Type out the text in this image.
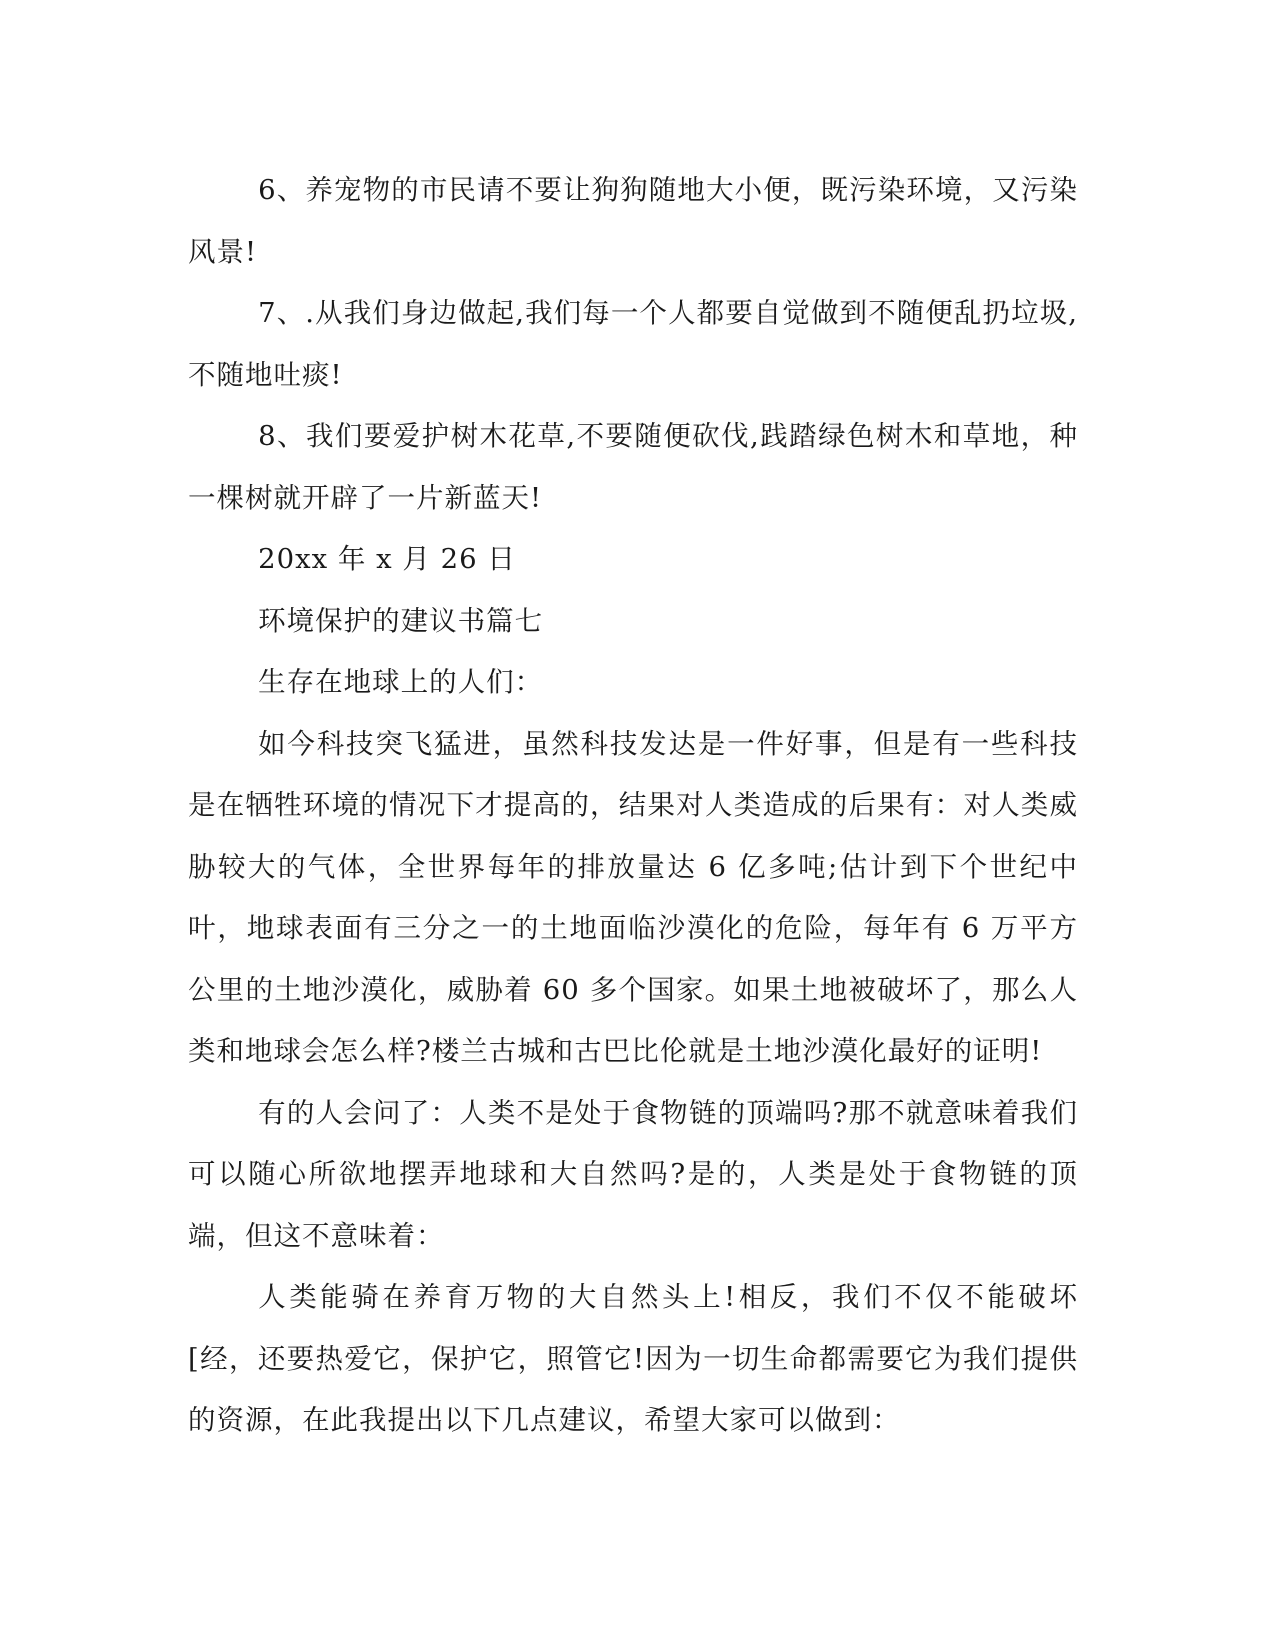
6、养宠物的市民请不要让狗狗随地大小便，既污染环境，又污染风景!

7、.从我们身边做起,我们每一个人都要自觉做到不随便乱扔垃圾,不随地吐痰!

8、我们要爱护树木花草,不要随便砍伐,践踏绿色树木和草地，种一棵树就开辟了一片新蓝天!

20xx 年 x 月 26 日

环境保护的建议书篇七

生存在地球上的人们：

如今科技突飞猛进，虽然科技发达是一件好事，但是有一些科技是在牺牲环境的情况下才提高的，结果对人类造成的后果有：对人类威胁较大的气体，全世界每年的排放量达 6 亿多吨;估计到下个世纪中叶，地球表面有三分之一的土地面临沙漠化的危险，每年有 6 万平方公里的土地沙漠化，威胁着 60 多个国家。如果土地被破坏了，那么人类和地球会怎么样?楼兰古城和古巴比伦就是土地沙漠化最好的证明!

有的人会问了：人类不是处于食物链的顶端吗?那不就意味着我们可以随心所欲地摆弄地球和大自然吗?是的，人类是处于食物链的顶端，但这不意味着：

人类能骑在养育万物的大自然头上!相反，我们不仅不能破坏[经，还要热爱它，保护它，照管它!因为一切生命都需要它为我们提供的资源，在此我提出以下几点建议，希望大家可以做到：
